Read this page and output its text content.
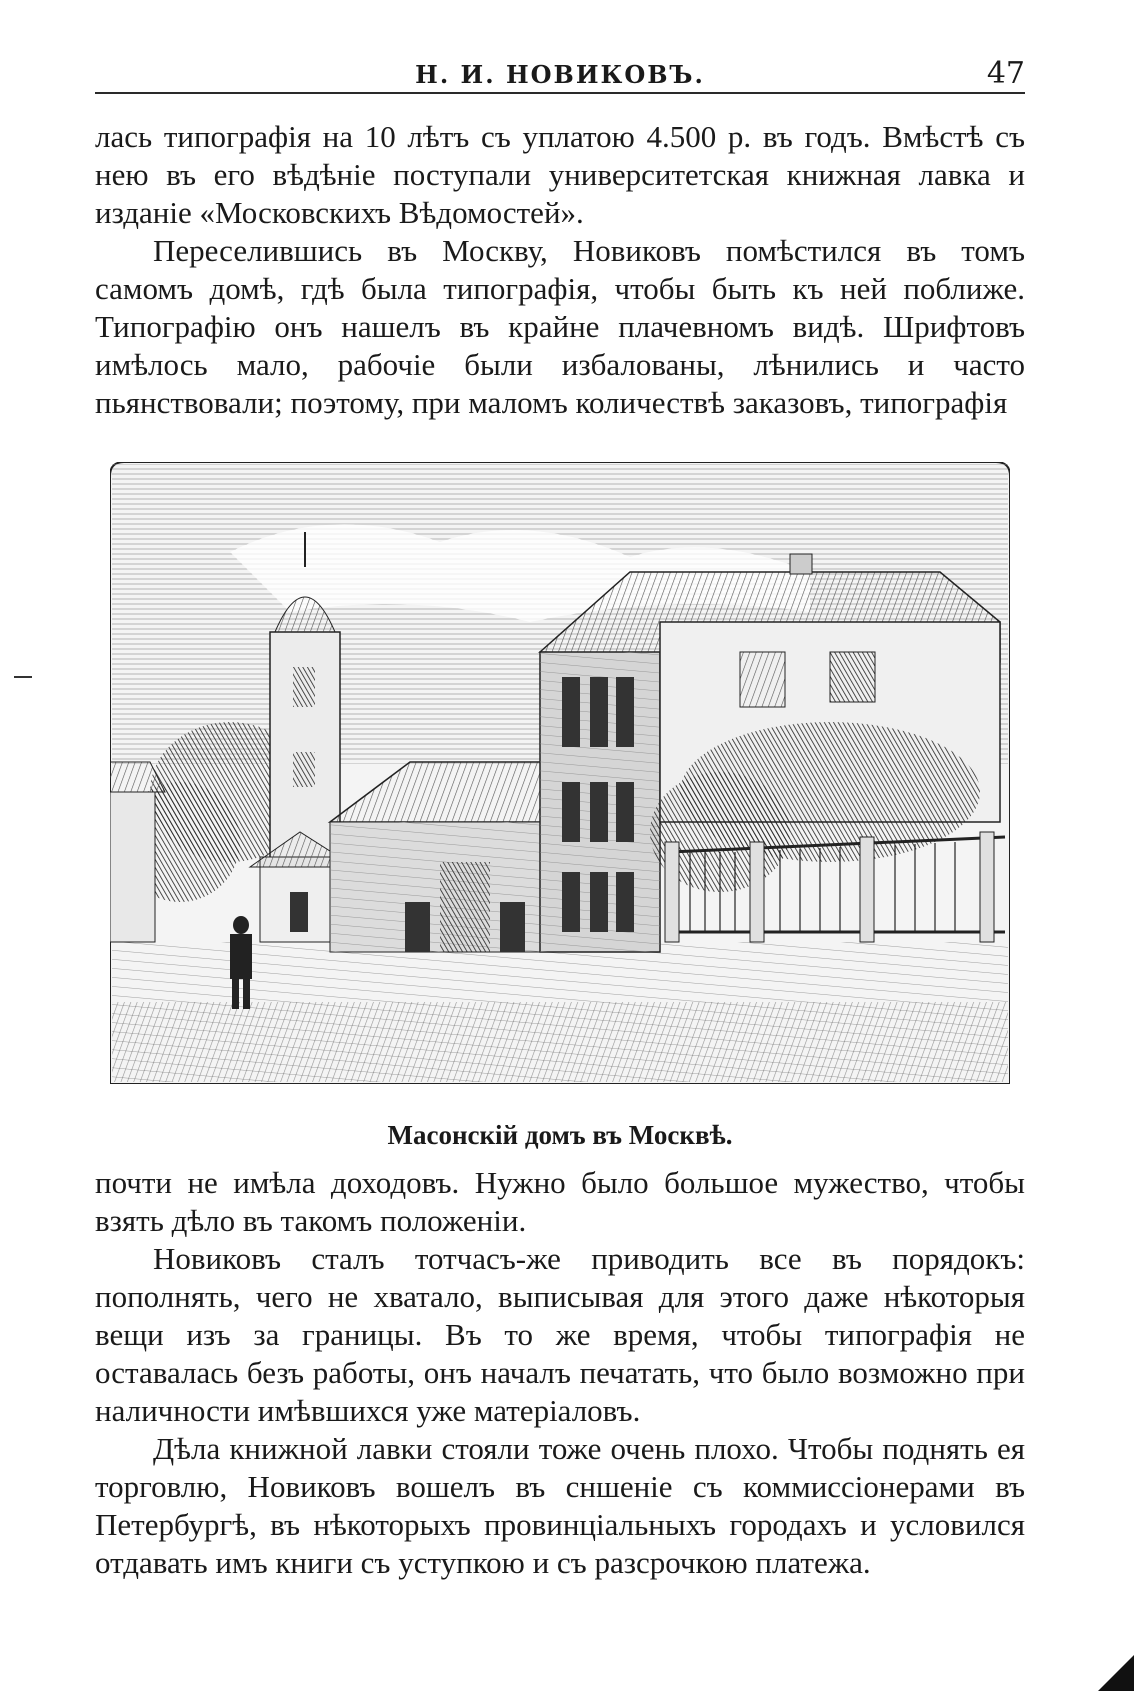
Н. И. НОВИКОВЪ.	47

лась типографія на 10 лѣтъ съ уплатою 4.500 р. въ годъ. Вмѣстѣ съ нею въ его вѣдѣніе поступали университетская книжная лавка и изданіе «Московскихъ Вѣдомостей».

Переселившись въ Москву, Новиковъ помѣстился въ томъ самомъ домѣ, гдѣ была типографія, чтобы быть къ ней поближе. Типографію онъ нашелъ въ крайне плачевномъ видѣ. Шрифтовъ имѣлось мало, рабочіе были избалованы, лѣнились и часто пьянствовали; поэтому, при маломъ количествѣ заказовъ, типографія

Масонскій домъ въ Москвѣ.

почти не имѣла доходовъ. Нужно было большое мужество, чтобы взять дѣло въ такомъ положеніи.

Новиковъ сталъ тотчасъ-же приводить все въ порядокъ: пополнять, чего не хватало, выписывая для этого даже нѣкоторыя вещи изъ за границы. Въ то же время, чтобы типографія не оставалась безъ работы, онъ началъ печатать, что было возможно при наличности имѣвшихся уже матеріаловъ.

Дѣла книжной лавки стояли тоже очень плохо. Чтобы поднять ея торговлю, Новиковъ вошелъ въ сншеніе съ коммиссіонерами въ Петербургѣ, въ нѣкоторыхъ провинціальныхъ городахъ и условился отдавать имъ книги съ уступкою и съ разсрочкою платежа.
